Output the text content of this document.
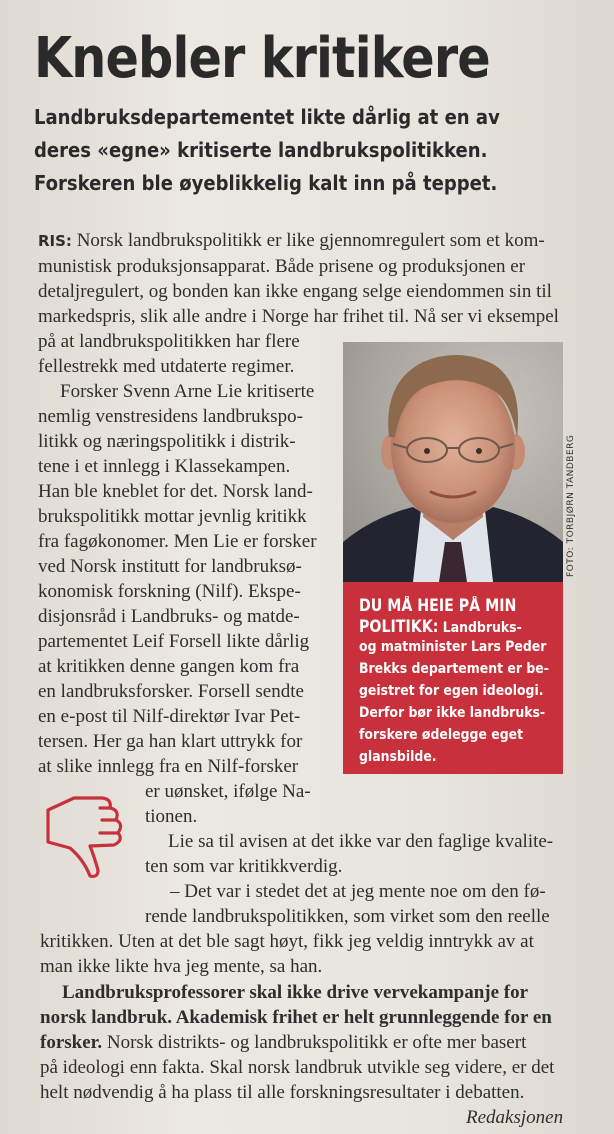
Knebler kritikere
Landbruksdepartementet likte dårlig at en av
deres «egne» kritiserte landbrukspolitikken.
Forskeren ble øyeblikkelig kalt inn på teppet.
RIS: Norsk landbrukspolitikk er like gjennomregulert som et kom-
munistisk produksjonsapparat. Både prisene og produksjonen er
detaljregulert, og bonden kan ikke engang selge eiendommen sin til
markedspris, slik alle andre i Norge har frihet til. Nå ser vi eksempel
på at landbrukspolitikken har flere
fellestrekk med utdaterte regimer.
Forsker Svenn Arne Lie kritiserte
nemlig venstresidens landbrukspo-
litikk og næringspolitikk i distrik-
tene i et innlegg i Klassekampen.
Han ble kneblet for det. Norsk land-
brukspolitikk mottar jevnlig kritikk
fra fagøkonomer. Men Lie er forsker
ved Norsk institutt for landbruksø-
konomisk forskning (Nilf). Ekspe-
disjonsråd i Landbruks- og matde-
partementet Leif Forsell likte dårlig
at kritikken denne gangen kom fra
en landbruksforsker. Forsell sendte
en e-post til Nilf-direktør Ivar Pet-
tersen. Her ga han klart uttrykk for
at slike innlegg fra en Nilf-forsker
er uønsket, ifølge Na-
tionen.
Lie sa til avisen at det ikke var den faglige kvalite-
ten som var kritikkverdig.
– Det var i stedet det at jeg mente noe om den fø-
rende landbrukspolitikken, som virket som den reelle
kritikken. Uten at det ble sagt høyt, fikk jeg veldig inntrykk av at
man ikke likte hva jeg mente, sa han.
Landbruksprofessorer skal ikke drive vervekampanje for
norsk landbruk. Akademisk frihet er helt grunnleggende for en
forsker. Norsk distrikts- og landbrukspolitikk er ofte mer basert
på ideologi enn fakta. Skal norsk landbruk utvikle seg videre, er det
helt nødvendig å ha plass til alle forskningsresultater i debatten.
Redaksjonen
FOTO: TORBJØRN TANDBERG
DU MÅ HEIE PÅ MIN
POLITIKK: Landbruks-
og matminister Lars Peder
Brekks departement er be-
geistret for egen ideologi.
Derfor bør ikke landbruks-
forskere ødelegge eget
glansbilde.
